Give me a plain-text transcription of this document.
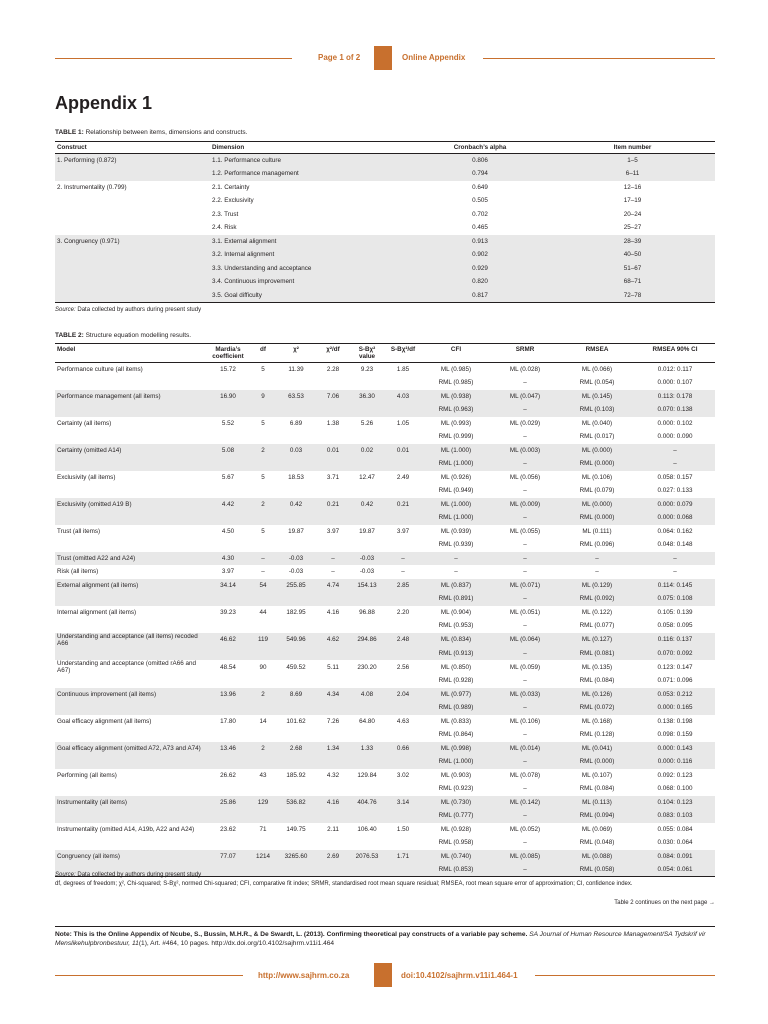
Page 1 of 2	Online Appendix
Appendix 1
TABLE 1: Relationship between items, dimensions and constructs.
Construct	Dimension	Cronbach’s alpha	Item number
1. Performing (0.872)	1.1. Performance culture	0.806	1–5
	1.2. Performance management	0.794	6–11
2. Instrumentality (0.799)	2.1. Certainty	0.649	12–16
	2.2. Exclusivity	0.505	17–19
	2.3. Trust	0.702	20–24
	2.4. Risk	0.465	25–27
3. Congruency (0.971)	3.1. External alignment	0.913	28–39
	3.2. Internal alignment	0.902	40–50
	3.3. Understanding and acceptance	0.929	51–67
	3.4. Continuous improvement	0.820	68–71
	3.5. Goal difficulty	0.817	72–78
Source: Data collected by authors during present study
TABLE 2: Structure equation modelling results.
Model	Mardia’s coefficient	df	χ²	χ²/df	S-Bχ² value	S-Bχ²/df	CFI	SRMR	RMSEA	RMSEA 90% CI
Performance culture (all items)	15.72	5	11.39	2.28	9.23	1.85	ML (0.985)	ML (0.028)	ML (0.066)	0.012: 0.117
							RML (0.985)	–	RML (0.054)	0.000: 0.107
Performance management (all items)	16.90	9	63.53	7.06	36.30	4.03	ML (0.938)	ML (0.047)	ML (0.145)	0.113: 0.178
							RML (0.963)	–	RML (0.103)	0.070: 0.138
Certainty (all items)	5.52	5	6.89	1.38	5.26	1.05	ML (0.993)	ML (0.029)	ML (0.040)	0.000: 0.102
							RML (0.999)	–	RML (0.017)	0.000: 0.090
Certainty (omitted A14)	5.08	2	0.03	0.01	0.02	0.01	ML (1.000)	ML (0.003)	ML (0.000)	–
							RML (1.000)	–	RML (0.000)	–
Exclusivity (all items)	5.67	5	18.53	3.71	12.47	2.49	ML (0.926)	ML (0.056)	ML (0.106)	0.058: 0.157
							RML (0.949)	–	RML (0.079)	0.027: 0.133
Exclusivity (omitted A19 B)	4.42	2	0.42	0.21	0.42	0.21	ML (1.000)	ML (0.009)	ML (0.000)	0.000: 0.079
							RML (1.000)	–	RML (0.000)	0.000: 0.068
Trust (all items)	4.50	5	19.87	3.97	19.87	3.97	ML (0.939)	ML (0.055)	ML (0.111)	0.064: 0.162
							RML (0.939)	–	RML (0.096)	0.048: 0.148
Trust (omitted A22 and A24)	4.30	–	-0.03	–	-0.03	–	–	–	–	–
Risk (all items)	3.97	–	-0.03	–	-0.03	–	–	–	–	–
External alignment (all items)	34.14	54	255.85	4.74	154.13	2.85	ML (0.837)	ML (0.071)	ML (0.129)	0.114: 0.145
							RML (0.891)	–	RML (0.092)	0.075: 0.108
Internal alignment (all items)	39.23	44	182.95	4.16	96.88	2.20	ML (0.904)	ML (0.051)	ML (0.122)	0.105: 0.139
							RML (0.953)	–	RML (0.077)	0.058: 0.095
Understanding and acceptance (all items) recoded A66	46.62	119	549.96	4.62	294.86	2.48	ML (0.834)	ML (0.064)	ML (0.127)	0.116: 0.137
							RML (0.913)	–	RML (0.081)	0.070: 0.092
Understanding and acceptance (omitted rA66 and A67)	48.54	90	459.52	5.11	230.20	2.56	ML (0.850)	ML (0.059)	ML (0.135)	0.123: 0.147
							RML (0.928)	–	RML (0.084)	0.071: 0.096
Continuous improvement (all items)	13.96	2	8.69	4.34	4.08	2.04	ML (0.977)	ML (0.033)	ML (0.126)	0.053: 0.212
							RML (0.989)	–	RML (0.072)	0.000: 0.165
Goal efficacy alignment (all items)	17.80	14	101.62	7.26	64.80	4.63	ML (0.833)	ML (0.106)	ML (0.168)	0.138: 0.198
							RML (0.864)	–	RML (0.128)	0.098: 0.159
Goal efficacy alignment (omitted A72, A73 and A74)	13.46	2	2.68	1.34	1.33	0.66	ML (0.998)	ML (0.014)	ML (0.041)	0.000: 0.143
							RML (1.000)	–	RML (0.000)	0.000: 0.116
Performing (all items)	26.62	43	185.92	4.32	129.84	3.02	ML (0.903)	ML (0.078)	ML (0.107)	0.092: 0.123
							RML (0.923)	–	RML (0.084)	0.068: 0.100
Instrumentality (all items)	25.86	129	536.82	4.16	404.76	3.14	ML (0.730)	ML (0.142)	ML (0.113)	0.104: 0.123
							RML (0.777)	–	RML (0.094)	0.083: 0.103
Instrumentality (omitted A14, A19b, A22 and A24)	23.62	71	149.75	2.11	106.40	1.50	ML (0.928)	ML (0.052)	ML (0.069)	0.055: 0.084
							RML (0.958)	–	RML (0.048)	0.030: 0.064
Congruency (all items)	77.07	1214	3265.60	2.69	2076.53	1.71	ML (0.740)	ML (0.085)	ML (0.088)	0.084: 0.091
							RML (0.853)	–	RML (0.058)	0.054: 0.061
Source: Data collected by authors during present study
df, degrees of freedom; χ², Chi-squared; S-Bχ², normed Chi-squared; CFI, comparative fit index; SRMR, standardised root mean square residual; RMSEA, root mean square error of approximation; CI, confidence index.
Table 2 continues on the next page →
Note: This is the Online Appendix of Ncube, S., Bussin, M.H.R., & De Swardt, L. (2013). Confirming theoretical pay constructs of a variable pay scheme. SA Journal of Human Resource Management/SA Tydskrif vir Menslikehulpbronbestuur, 11(1), Art. #464, 10 pages. http://dx.doi.org/10.4102/sajhrm.v11i1.464
http://www.sajhrm.co.za	doi:10.4102/sajhrm.v11i1.464-1
